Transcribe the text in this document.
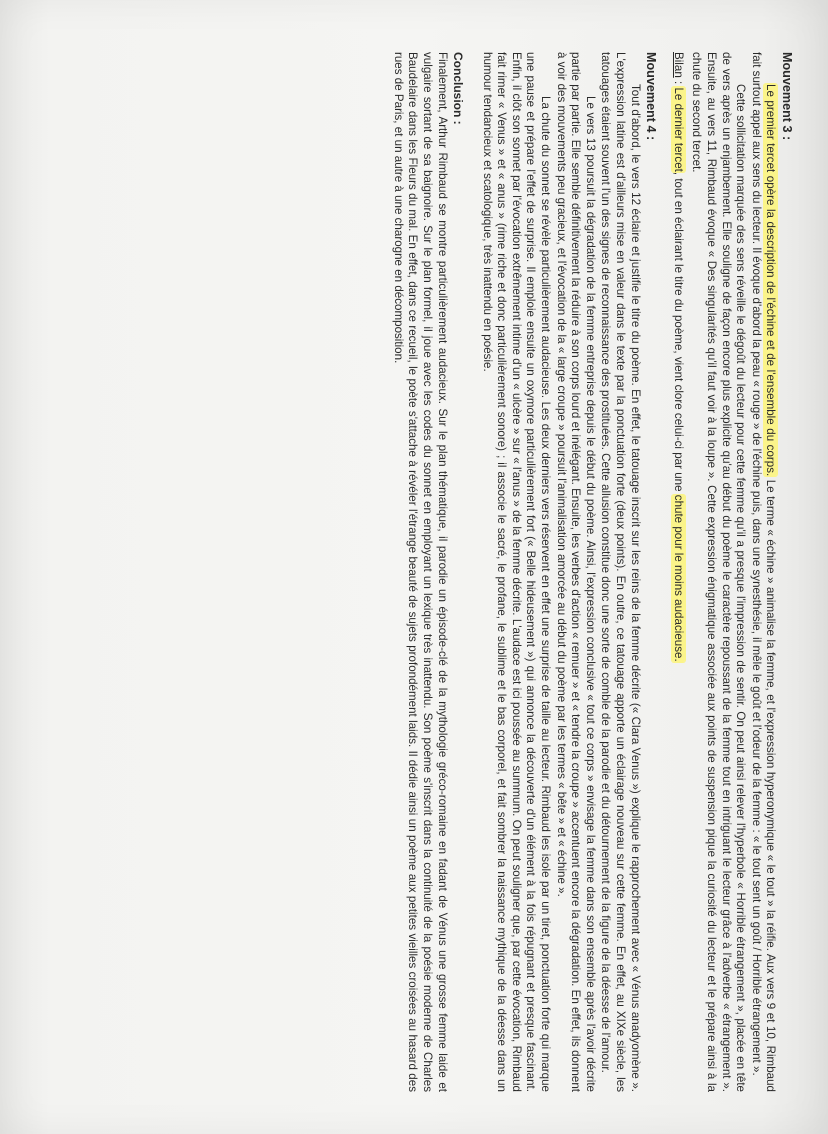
Mouvement 3 :

Le premier tercet opère la description de l'échine et de l'ensemble du corps. Le terme « échine » animalise la femme, et l'expression hyperonymique « le tout » la réifie. Aux vers 9 et 10, Rimbaud fait surtout appel aux sens du lecteur. Il évoque d'abord la peau « rouge » de l'échine puis, dans une synesthésie, il mêle le goût et l'odeur de la femme : « le tout sent un goût / Horrible étrangement ».

Cette sollicitation marquée des sens réveille le dégoût du lecteur pour cette femme qu'il a presque l'impression de sentir. On peut ainsi relever l'hyperbole « Horrible étrangement », placée en tête de vers après un enjambement. Elle souligne de façon encore plus explicite qu'au début du poème le caractère repoussant de la femme tout en intriguant le lecteur grâce à l'adverbe « étrangement ». Ensuite, au vers 11, Rimbaud évoque « Des singularités qu'il faut voir à la loupe ». Cette expression énigmatique associée aux points de suspension pique la curiosité du lecteur et le prépare ainsi à la chute du second tercet.

Bilan : Le dernier tercet, tout en éclairant le titre du poème, vient clore celui-ci par une chute pour le moins audacieuse.

Mouvement 4 :

Tout d'abord, le vers 12 éclaire et justifie le titre du poème. En effet, le tatouage inscrit sur les reins de la femme décrite (« Clara Venus ») explique le rapprochement avec « Vénus anadyomène ». L'expression latine est d'ailleurs mise en valeur dans le texte par la ponctuation forte (deux points). En outre, ce tatouage apporte un éclairage nouveau sur cette femme. En effet, au XIXe siècle, les tatouages étaient souvent l'un des signes de reconnaissance des prostituées. Cette allusion constitue donc une sorte de comble de la parodie et du détournement de la figure de la déesse de l'amour.

Le vers 13 poursuit la dégradation de la femme entreprise depuis le début du poème. Ainsi, l'expression conclusive « tout ce corps » envisage la femme dans son ensemble après l'avoir décrite partie par partie. Elle semble définitivement la réduire à son corps lourd et inélégant. Ensuite, les verbes d'action « remuer » et « tendre la croupe » accentuent encore la dégradation. En effet, ils donnent à voir des mouvements peu gracieux, et l'évocation de la « large croupe » poursuit l'animalisation amorcée au début du poème par les termes « bête » et « échine ».

La chute du sonnet se révèle particulièrement audacieuse. Les deux derniers vers réservent en effet une surprise de taille au lecteur. Rimbaud les isole par un tiret, ponctuation forte qui marque une pause et prépare l'effet de surprise. Il emploie ensuite un oxymore particulièrement fort (« Belle hideusement ») qui annonce la découverte d'un élément à la fois répugnant et presque fascinant. Enfin, il clôt son sonnet par l'évocation extrêmement intime d'un « ulcère » sur « l'anus » de la femme décrite. L'audace est ici poussée au summum. On peut souligner que, par cette évocation, Rimbaud fait rimer « Venus » et « anus » (rime riche et donc particulièrement sonore) ; il associe le sacré, le profane, le sublime et le bas corporel, et fait sombrer la naissance mythique de la déesse dans un humour tendancieux et scatologique, très inattendu en poésie.

Conclusion :

Finalement, Arthur Rimbaud se montre particulièrement audacieux. Sur le plan thématique, il parodie un épisode-clé de la mythologie gréco-romaine en fadant de Vénus une grosse femme laide et vulgaire sortant de sa baignoire. Sur le plan formel, il joue avec les codes du sonnet en employant un lexique très inattendu. Son poème s'inscrit dans la continuité de la poésie moderne de Charles Baudelaire dans les Fleurs du mal. En effet, dans ce recueil, le poète s'attache à révéler l'étrange beauté de sujets profondément laids. Il dédie ainsi un poème aux petites vieilles croisées au hasard des rues de Paris, et un autre à une charogne en décomposition.
